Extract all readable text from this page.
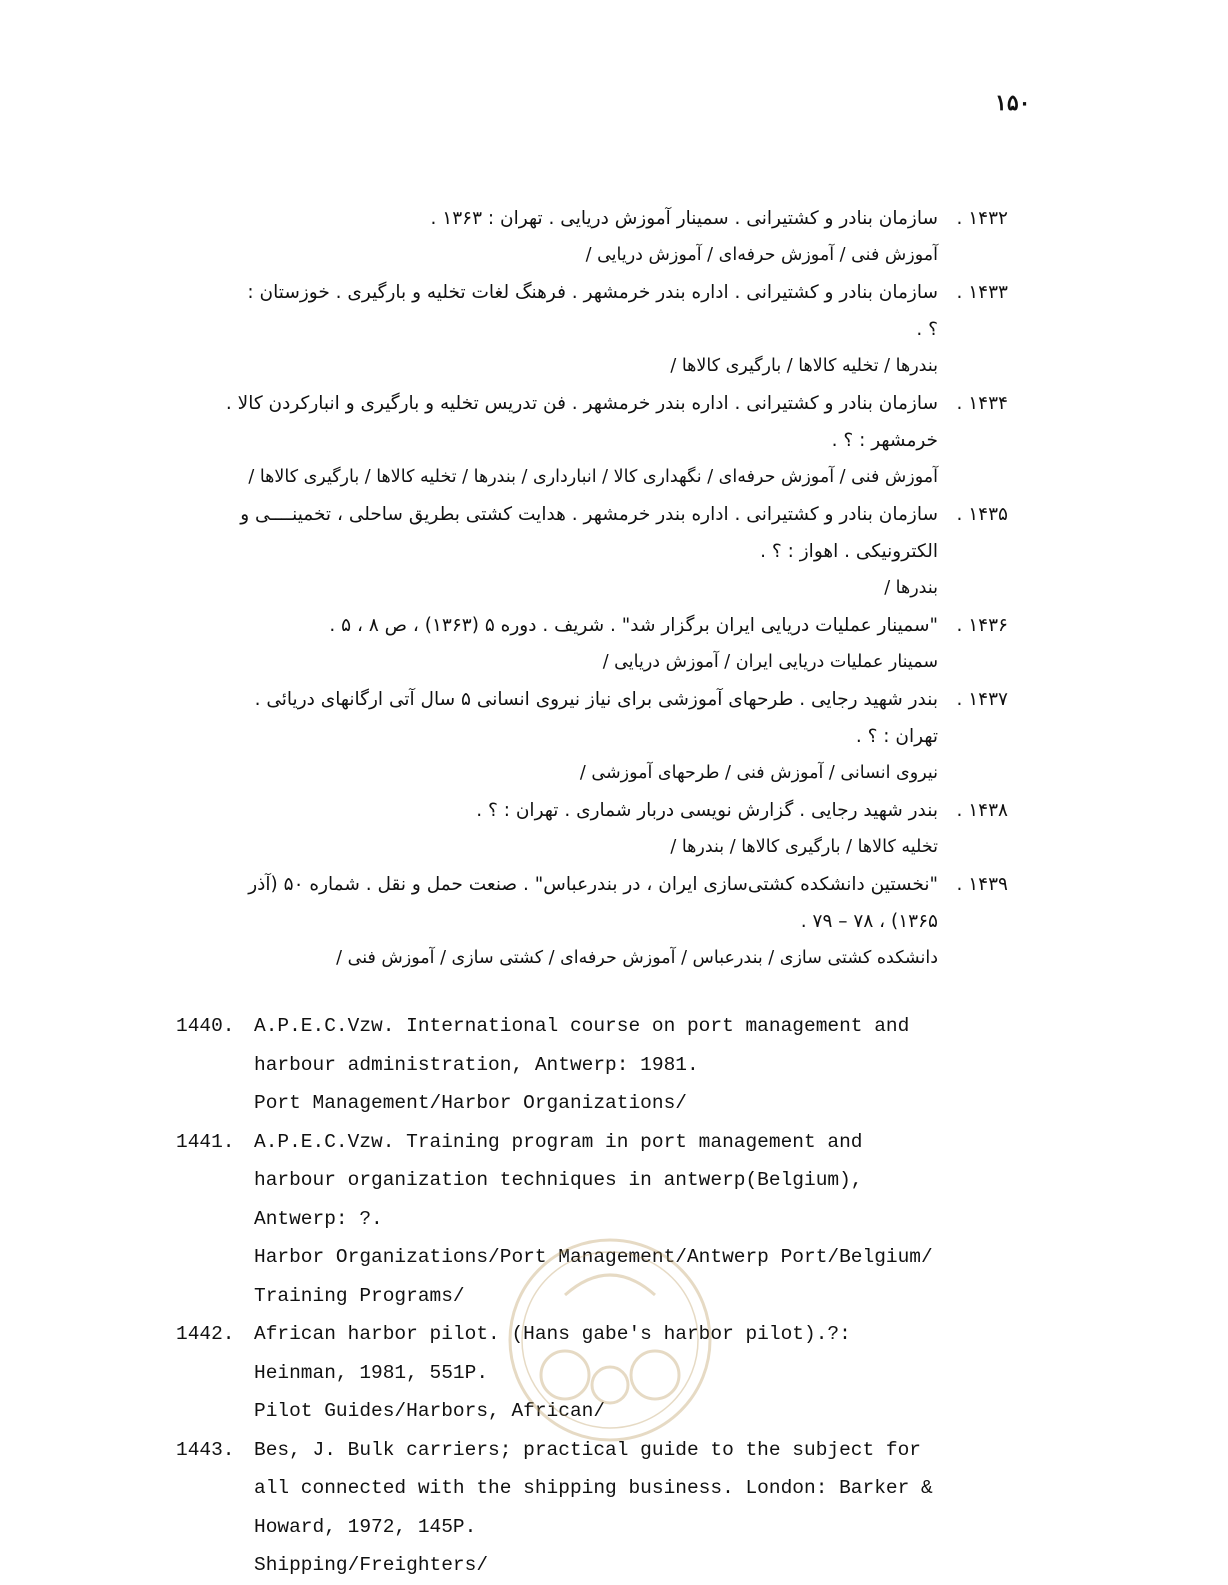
۱۵۰
۱۴۳۲ .
سازمان بنادر و کشتیرانی . سمینار آموزش دریایی . تهران : ۱۳۶۳ .
آموزش فنی / آموزش حرفه‌ای / آموزش دریایی /
۱۴۳۳ .
سازمان بنادر و کشتیرانی . اداره بندر خرمشهر . فرهنگ لغات تخلیه و بارگیری . خوزستان :
؟ .
بندرها / تخلیه کالاها / بارگیری کالاها /
۱۴۳۴ .
سازمان بنادر و کشتیرانی . اداره بندر خرمشهر . فن تدریس تخلیه و بارگیری و انبارکردن کالا .
خرمشهر : ؟ .
آموزش فنی / آموزش حرفه‌ای / نگهداری کالا / انبارداری / بندرها / تخلیه کالاها / بارگیری کالاها /
۱۴۳۵ .
سازمان بنادر و کشتیرانی . اداره بندر خرمشهر . هدایت کشتی بطریق ساحلی ، تخمینــــی و
الکترونیکی . اهواز : ؟ .
بندرها /
۱۴۳۶ .
"سمینار عملیات دریایی ایران برگزار شد" . شریف . دوره ۵ (۱۳۶۳) ، ص ۸ ، ۵ .
سمینار عملیات دریایی ایران / آموزش دریایی /
۱۴۳۷ .
بندر شهید رجایی . طرحهای آموزشی برای نیاز نیروی انسانی ۵ سال آتی ارگانهای دریائی .
تهران : ؟ .
نیروی انسانی / آموزش فنی / طرحهای آموزشی /
۱۴۳۸ .
بندر شهید رجایی . گزارش نویسی دربار شماری . تهران : ؟ .
تخلیه کالاها / بارگیری کالاها / بندرها /
۱۴۳۹ .
"نخستین دانشکده کشتی‌سازی ایران ، در بندرعباس" . صنعت حمل و نقل . شماره ۵۰ (آذر
۱۳۶۵) ، ۷۸ – ۷۹ .
دانشکده کشتی سازی / بندرعباس / آموزش حرفه‌ای / کشتی سازی / آموزش فنی /
1440. A.P.E.C.Vzw. International course on port management and
harbour administration, Antwerp: 1981.
Port Management/Harbor Organizations/
1441. A.P.E.C.Vzw. Training program in port management and
harbour organization techniques in antwerp(Belgium),
Antwerp: ?.
Harbor Organizations/Port Management/Antwerp Port/Belgium/
Training Programs/
1442. African harbor pilot. (Hans gabe's harbor pilot).?:
Heinman, 1981, 551P.
Pilot Guides/Harbors, African/
1443. Bes, J. Bulk carriers; practical guide to the subject for
all connected with the shipping business. London: Barker &
Howard, 1972, 145P.
Shipping/Freighters/
